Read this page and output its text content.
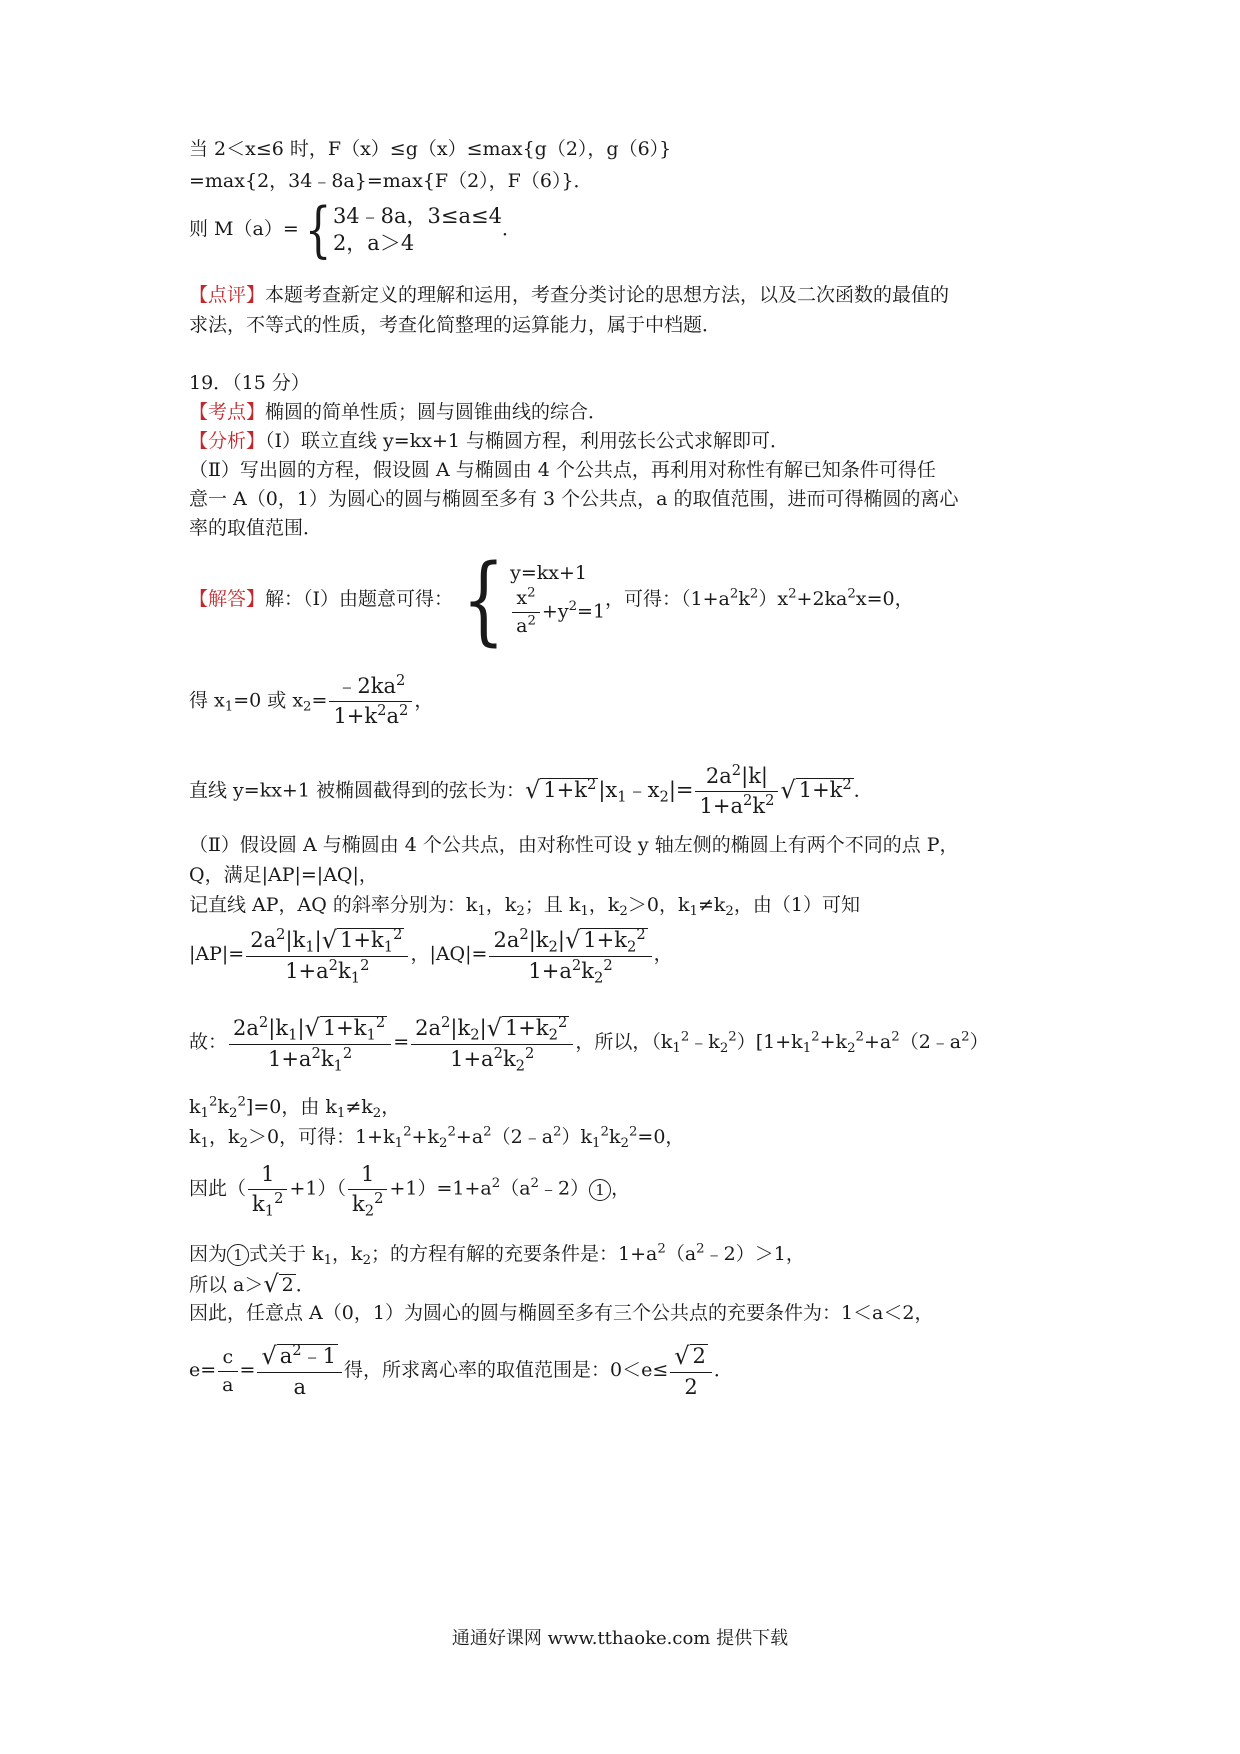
当 2＜x≤6 时，F（x）≤g（x）≤max{g（2），g（6）}
=max{2，34﹣8a}=max{F（2），F（6）}．
则 M（a）={ 34﹣8a，3≤a≤4
2，a＞4
．
【点评】本题考查新定义的理解和运用，考查分类讨论的思想方法，以及二次函数的最值的
求法，不等式的性质，考查化简整理的运算能力，属于中档题．
19．（15 分）
【考点】椭圆的简单性质；圆与圆锥曲线的综合．
【分析】（Ⅰ）联立直线 y=kx+1 与椭圆方程，利用弦长公式求解即可．
（Ⅱ）写出圆的方程，假设圆 A 与椭圆由 4 个公共点，再利用对称性有解已知条件可得任
意一 A（0，1）为圆心的圆与椭圆至多有 3 个公共点，a 的取值范围，进而可得椭圆的离心
率的取值范围．
【解答】解：（Ⅰ）由题意可得：{ y=kx+1
$\frac{x^2}{a^2} +y^2=1$
，可得：$(1+a^2k^2)x^2+2ka^2x=0$，
得 $x_1=0$ 或 $x_2= \frac{﹣2ka^2}{1+k^2a^2}$ ，
直线 y=kx+1 被椭圆截得到的弦长为：√ $1+k^2|x_1﹣x_2|= \frac{2a^2|k|}{1+a^2k^2}$ √ $1+k^2$ ．
（Ⅱ）假设圆 A 与椭圆由 4 个公共点，由对称性可设 y 轴左侧的椭圆上有两个不同的点 P，
Q，满足|AP|=|AQ|，
记直线 AP，AQ 的斜率分别为：$k_1$，$k_2$；且 $k_1$，$k_2>0$，$k_1\ne k_2$，由（1）可知
$|AP|= \frac{2a^2|k_1|√ 1+k_1^2}{1+a^2k_1^2}$ ，$|AQ|= \frac{2a^2|k_2|√ 1+k_2^2}{1+a^2k_2^2}$ ，
故： $\frac{2a^2|k_1|√ 1+k_1^2}{1+a^2k_1^2} = \frac{2a^2|k_2|√ 1+k_2^2}{1+a^2k_2^2}$ ，所以，$(k_1^2﹣k_2^2)[1+k_1^2+k_2^2+a^2(2﹣a^2)$
$k_1^2k_2^2]=0$，由 $k_1\ne k_2$，
$k_1$，$k_2>0$，可得：$1+k_1^2+k_2^2+a^2(2﹣a^2)k_1^2k_2^2=0$，
因此（ $\frac{1}{k_1^2} +1)( \frac{1}{k_2^2}$ $+1)=1+a^2(a^2﹣2)$ 1 ，
因为 1 式关于 $k_1$，$k_2$；的方程有解的充要条件是：$1+a^2(a^2﹣2)>1$，
所以 a＞√ 2 ．
因此，任意点 A（0，1）为圆心的圆与椭圆至多有三个公共点的充要条件为：1＜a＜2，
$e= \frac{c}{a} = \frac{√ a^2﹣1}{a}$ 得，所求离心率的取值范围是：$0<e\le \frac{√ 2}{2}$ ．
通通好课网 www.tthaoke.com 提供下载
